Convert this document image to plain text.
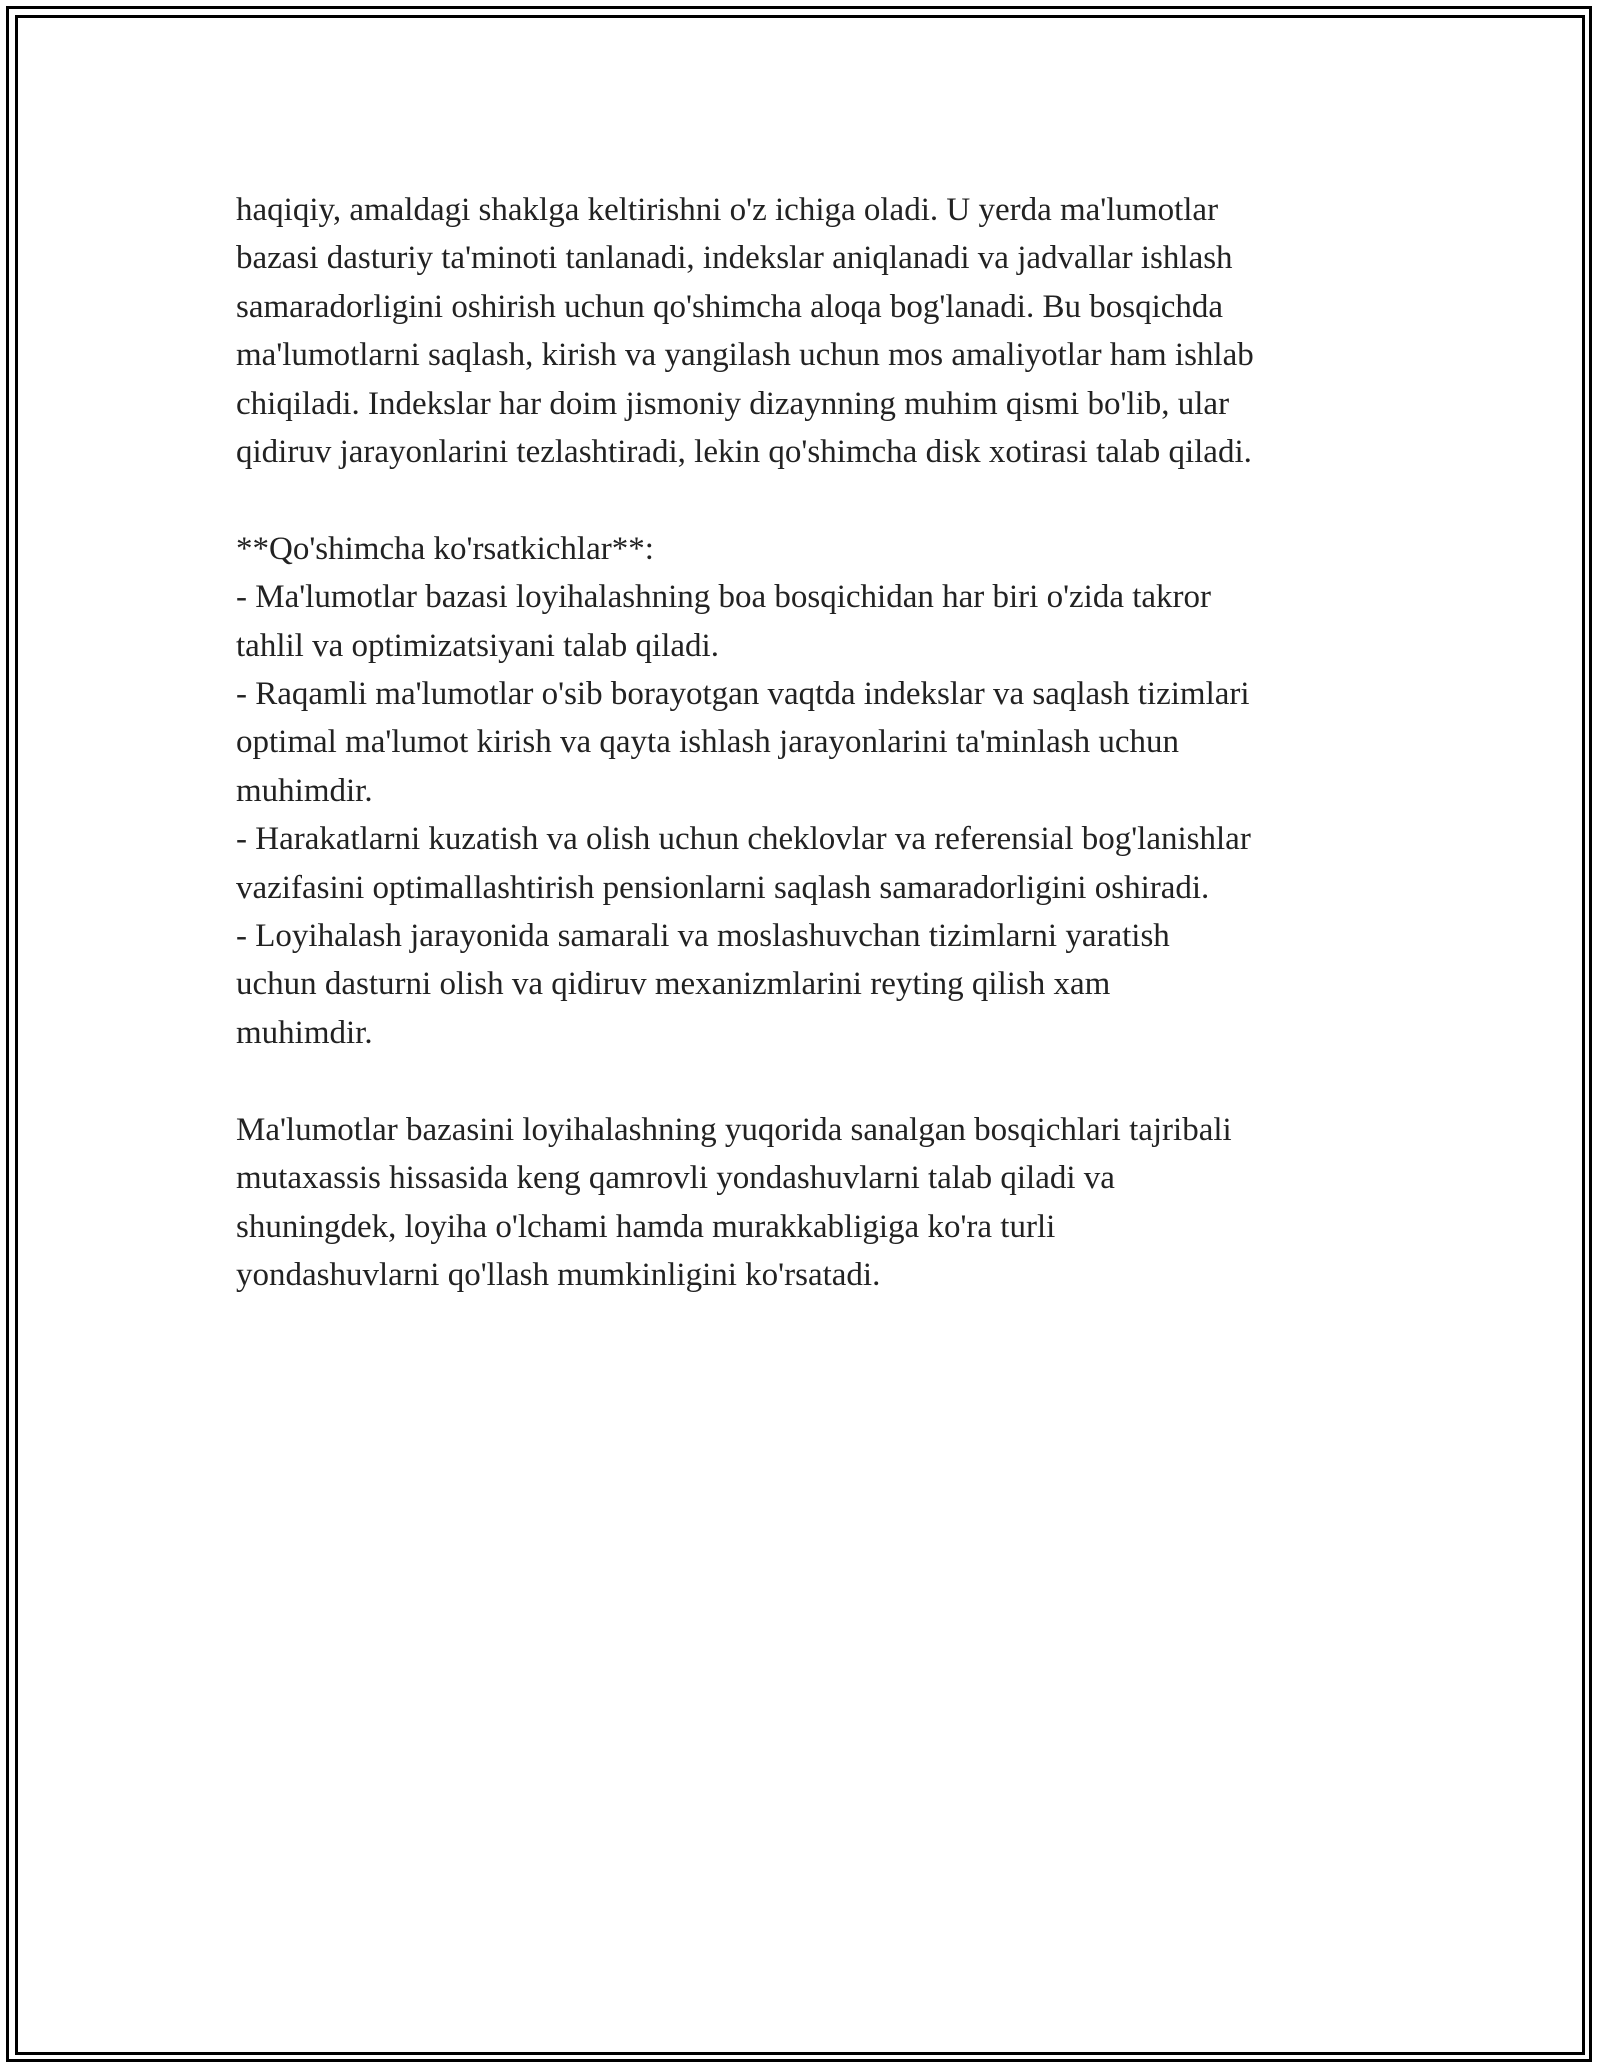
haqiqiy, amaldagi shaklga keltirishni o'z ichiga oladi. U yerda ma'lumotlar
bazasi dasturiy ta'minoti tanlanadi, indekslar aniqlanadi va jadvallar ishlash
samaradorligini oshirish uchun qo'shimcha aloqa bog'lanadi. Bu bosqichda
ma'lumotlarni saqlash, kirish va yangilash uchun mos amaliyotlar ham ishlab
chiqiladi. Indekslar har doim jismoniy dizaynning muhim qismi bo'lib, ular
qidiruv jarayonlarini tezlashtiradi, lekin qo'shimcha disk xotirasi talab qiladi.
**Qo'shimcha ko'rsatkichlar**:
- Ma'lumotlar bazasi loyihalashning boa bosqichidan har biri o'zida takror
tahlil va optimizatsiyani talab qiladi.
- Raqamli ma'lumotlar o'sib borayotgan vaqtda indekslar va saqlash tizimlari
optimal ma'lumot kirish va qayta ishlash jarayonlarini ta'minlash uchun
muhimdir.
- Harakatlarni kuzatish va olish uchun cheklovlar va referensial bog'lanishlar
vazifasini optimallashtirish pensionlarni saqlash samaradorligini oshiradi.
- Loyihalash jarayonida samarali va moslashuvchan tizimlarni yaratish
uchun dasturni olish va qidiruv mexanizmlarini reyting qilish xam
muhimdir.
Ma'lumotlar bazasini loyihalashning yuqorida sanalgan bosqichlari tajribali
mutaxassis hissasida keng qamrovli yondashuvlarni talab qiladi va
shuningdek, loyiha o'lchami hamda murakkabligiga ko'ra turli
yondashuvlarni qo'llash mumkinligini ko'rsatadi.
